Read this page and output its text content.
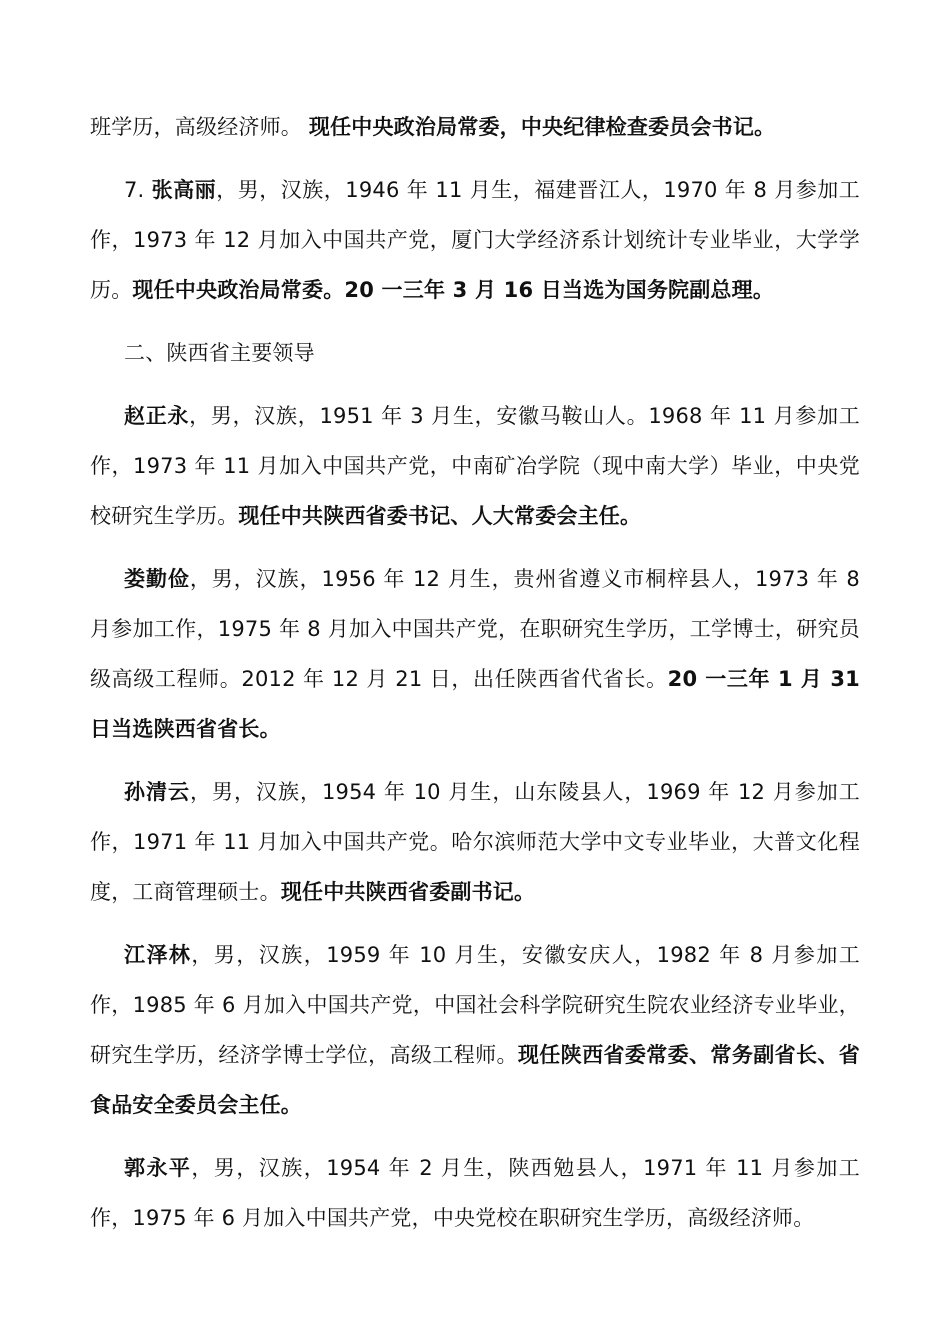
班学历，高级经济师。 现任中央政治局常委，中央纪律检查委员会书记。

7. 张高丽，男，汉族，1946 年 11 月生，福建晋江人，1970 年 8 月参加工作，1973 年 12 月加入中国共产党，厦门大学经济系计划统计专业毕业，大学学历。现任中央政治局常委。20 一三年 3 月 16 日当选为国务院副总理。

二、陕西省主要领导

赵正永，男，汉族，1951 年 3 月生，安徽马鞍山人。1968 年 11 月参加工作，1973 年 11 月加入中国共产党，中南矿冶学院（现中南大学）毕业，中央党校研究生学历。现任中共陕西省委书记、人大常委会主任。

娄勤俭，男，汉族，1956 年 12 月生，贵州省遵义市桐梓县人，1973 年 8 月参加工作，1975 年 8 月加入中国共产党，在职研究生学历，工学博士，研究员级高级工程师。2012 年 12 月 21 日，出任陕西省代省长。20 一三年 1 月 31 日当选陕西省省长。

孙清云，男，汉族，1954 年 10 月生，山东陵县人，1969 年 12 月参加工作，1971 年 11 月加入中国共产党。哈尔滨师范大学中文专业毕业，大普文化程度，工商管理硕士。现任中共陕西省委副书记。

江泽林，男，汉族，1959 年 10 月生，安徽安庆人，1982 年 8 月参加工作，1985 年 6 月加入中国共产党，中国社会科学院研究生院农业经济专业毕业，研究生学历，经济学博士学位，高级工程师。现任陕西省委常委、常务副省长、省食品安全委员会主任。

郭永平，男，汉族，1954 年 2 月生，陕西勉县人，1971 年 11 月参加工作，1975 年 6 月加入中国共产党，中央党校在职研究生学历，高级经济师。
